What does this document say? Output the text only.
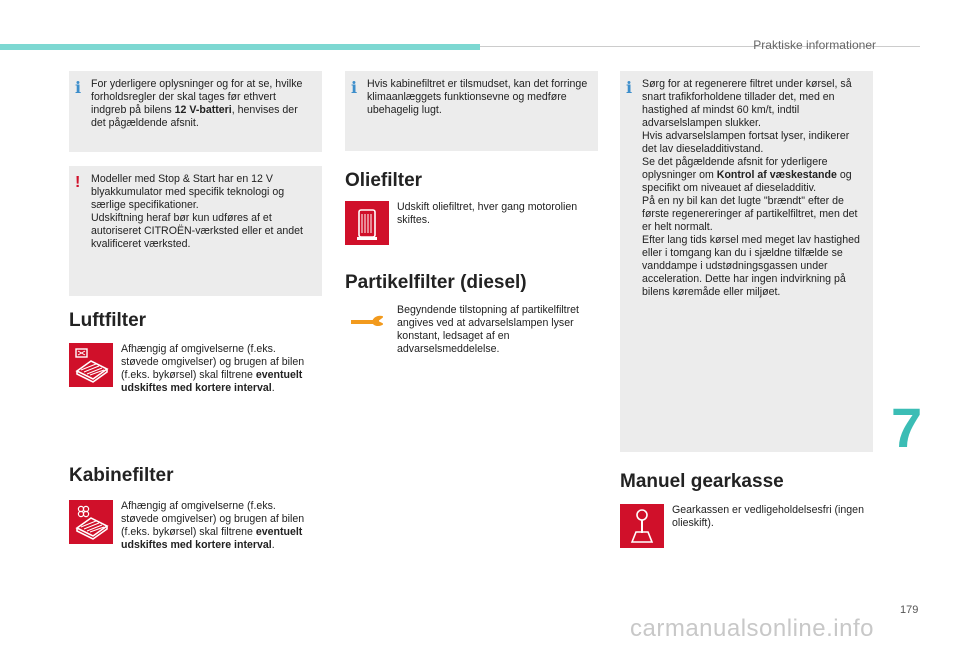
Praktiske informationer
i For yderligere oplysninger og for at se, hvilke forholdsregler der skal tages før ethvert indgreb på bilens 12 V-batteri, henvises der det pågældende afsnit.

! Modeller med Stop & Start har en 12 V blyakkumulator med specifik teknologi og særlige specifikationer.
Udskiftning heraf bør kun udføres af et autoriseret CITROËN-værksted eller et andet kvalificeret værksted.

Luftfilter

Afhængig af omgivelserne (f.eks. støvede omgivelser) og brugen af bilen (f.eks. bykørsel) skal filtrene eventuelt udskiftes med kortere interval.

Kabinefilter

Afhængig af omgivelserne (f.eks. støvede omgivelser) og brugen af bilen (f.eks. bykørsel) skal filtrene eventuelt udskiftes med kortere interval.

i Hvis kabinefiltret er tilsmudset, kan det forringe klimaanlæggets funktionsevne og medføre ubehagelig lugt.

Oliefilter

Udskift oliefiltret, hver gang motorolien skiftes.

Partikelfilter (diesel)

Begyndende tilstopning af partikelfiltret angives ved at advarselslampen lyser konstant, ledsaget af en advarselsmeddelelse.

i Sørg for at regenerere filtret under kørsel, så snart trafikforholdene tillader det, med en hastighed af mindst 60 km/t, indtil advarselslampen slukker.
Hvis advarselslampen fortsat lyser, indikerer det lav dieseladditivstand.
Se det pågældende afsnit for yderligere oplysninger om Kontrol af væskestande og specifikt om niveauet af dieseladditiv.
På en ny bil kan det lugte "brændt" efter de første regenereringer af partikelfiltret, men det er helt normalt.
Efter lang tids kørsel med meget lav hastighed eller i tomgang kan du i sjældne tilfælde se vanddampe i udstødningsgassen under acceleration. Dette har ingen indvirkning på bilens køremåde eller miljøet.

Manuel gearkasse

Gearkassen er vedligeholdelsesfri (ingen olieskift).

7
179
carmanualsonline.info
